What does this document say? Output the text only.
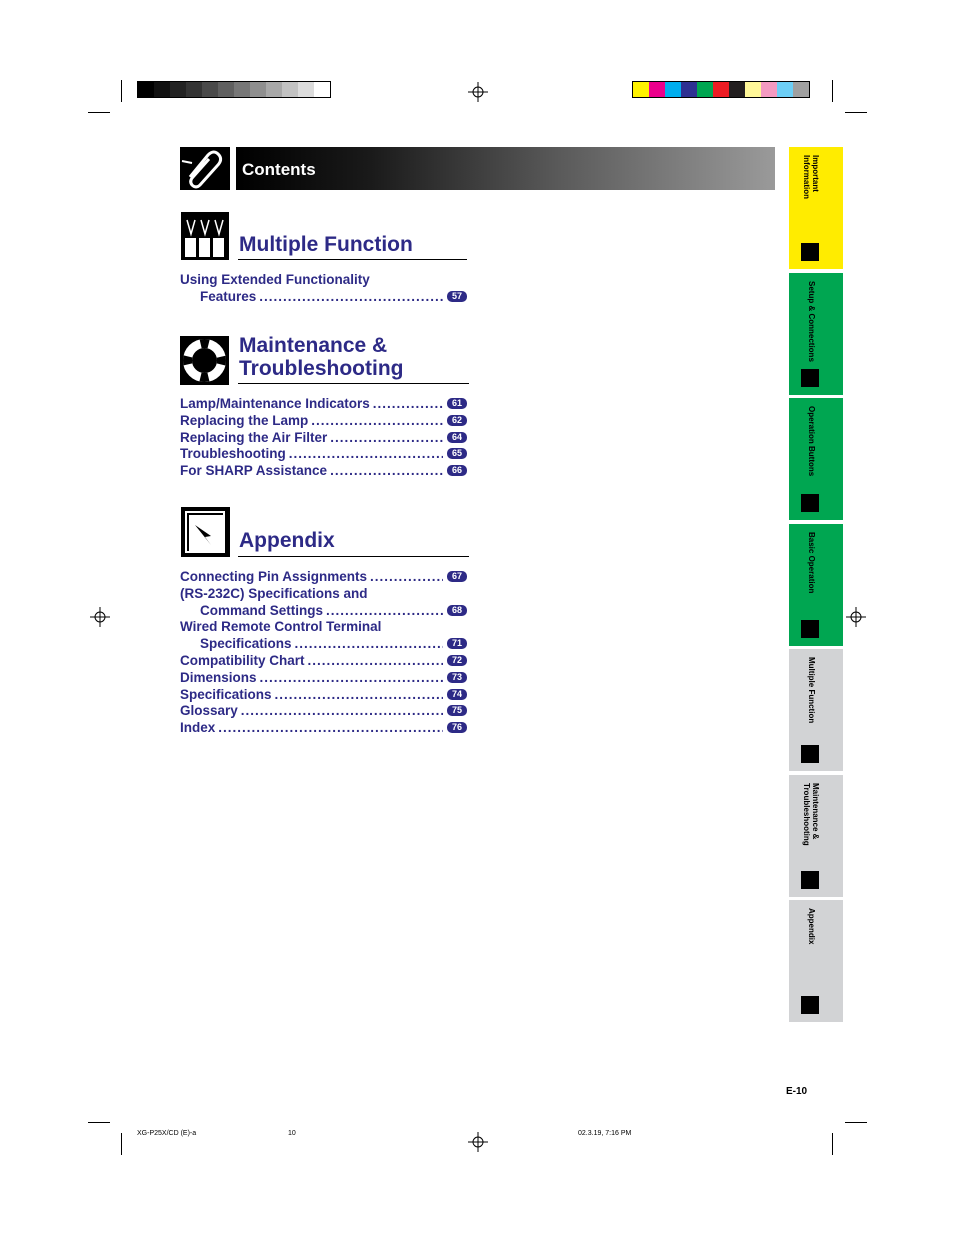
Contents
Multiple Function
Using Extended Functionality
Features .....	57
Maintenance &
Troubleshooting
Lamp/Maintenance Indicators .....	61
Replacing the Lamp .....	62
Replacing the Air Filter .....	64
Troubleshooting .....	65
For SHARP Assistance .....	66
Appendix
Connecting Pin Assignments .....	67
(RS-232C) Specifications and
Command Settings .....	68
Wired Remote Control Terminal
Specifications .....	71
Compatibility Chart .....	72
Dimensions .....	73
Specifications .....	74
Glossary .....	75
Index .....	76
Important
Information
Setup & Connections
Operation Buttons
Basic Operation
Multiple Function
Maintenance &
Troubleshooting
Appendix
E-10
XG-P25X/CD (E)-a	10	02.3.19, 7:16 PM
